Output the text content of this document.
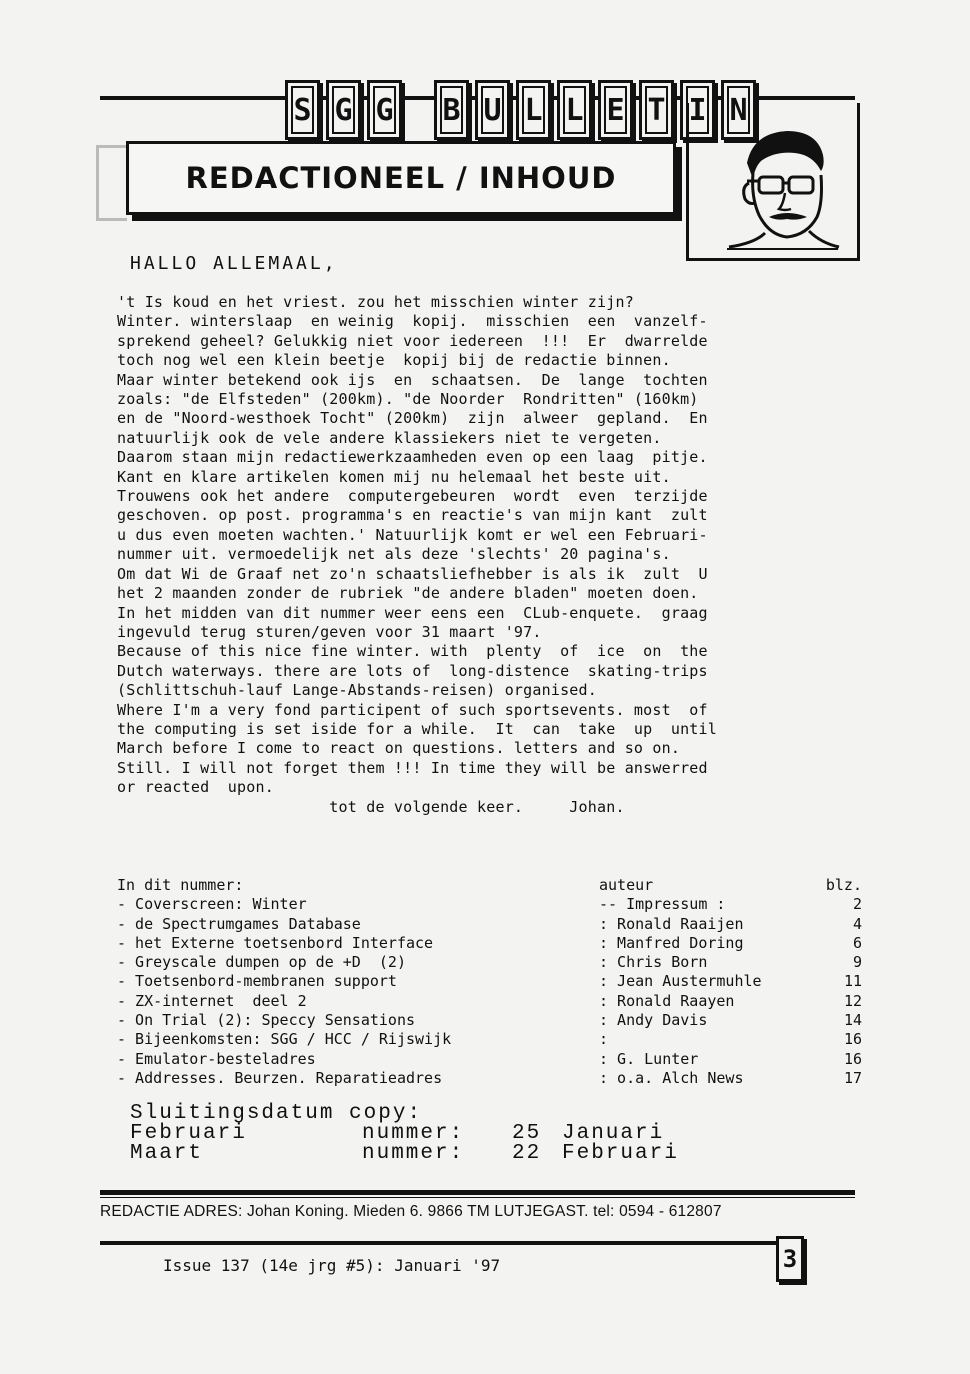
S G G B U L L E T I N
REDACTIONEEL / INHOUD
HALLO ALLEMAAL,

't Is koud en het vriest. zou het misschien winter zijn?

Winter. winterslaap  en weinig  kopij.  misschien  een  vanzelf-

sprekend geheel? Gelukkig niet voor iedereen  !!!  Er  dwarrelde

toch nog wel een klein beetje  kopij bij de redactie binnen.

Maar winter betekend ook ijs  en  schaatsen.  De  lange  tochten

zoals: "de Elfsteden" (200km). "de Noorder  Rondritten" (160km)

en de "Noord-westhoek Tocht" (200km)  zijn  alweer  gepland.  En

natuurlijk ook de vele andere klassiekers niet te vergeten.

Daarom staan mijn redactiewerkzaamheden even op een laag  pitje.

Kant en klare artikelen komen mij nu helemaal het beste uit.

Trouwens ook het andere  computergebeuren  wordt  even  terzijde

geschoven. op post. programma's en reactie's van mijn kant  zult

u dus even moeten wachten.' Natuurlijk komt er wel een Februari-

nummer uit. vermoedelijk net als deze 'slechts' 20 pagina's.

Om dat Wi de Graaf net zo'n schaatsliefhebber is als ik  zult  U

het 2 maanden zonder de rubriek "de andere bladen" moeten doen.

In het midden van dit nummer weer eens een  CLub-enquete.  graag

ingevuld terug sturen/geven voor 31 maart '97.

Because of this nice fine winter. with  plenty  of  ice  on  the

Dutch waterways. there are lots of  long-distence  skating-trips

(Schlittschuh-lauf Lange-Abstands-reisen) organised.

Where I'm a very fond participent of such sportsevents. most  of

the computing is set iside for a while.  It  can  take  up  until

March before I come to react on questions. letters and so on.

Still. I will not forget them !!! In time they will be answerred

or reacted  upon.

tot de volgende keer.     Johan.

In dit nummer:	auteur	blz.
- Coverscreen: Winter	-- Impressum :	2
- de Spectrumgames Database	: Ronald Raaijen	4
- het Externe toetsenbord Interface	: Manfred Doring	6
- Greyscale dumpen op de +D  (2)	: Chris Born	9
- Toetsenbord-membranen support	: Jean Austermuhle	11
- ZX-internet  deel 2	: Ronald Raayen	12
- On Trial (2): Speccy Sensations	: Andy Davis	14
- Bijeenkomsten: SGG / HCC / Rijswijk	:	16
- Emulator-besteladres	: G. Lunter	16
- Addresses. Beurzen. Reparatieadres	: o.a. Alch News	17
Sluitingsdatum copy:
Februari	nummer:	25 Januari
Maart	nummer:	22 Februari
REDACTIE ADRES: Johan Koning. Mieden 6. 9866 TM LUTJEGAST. tel: 0594 - 612807
Issue 137 (14e jrg #5): Januari '97	3
